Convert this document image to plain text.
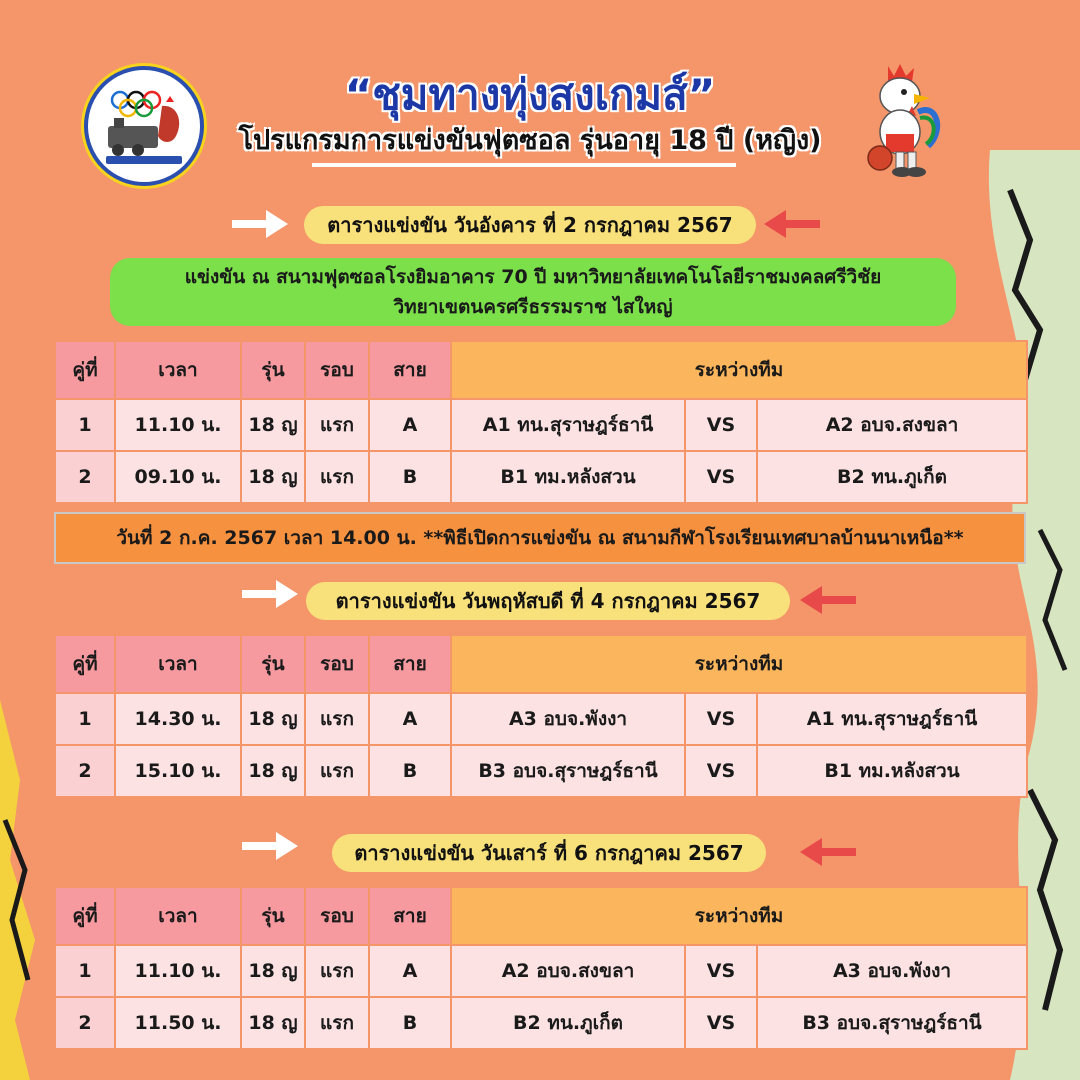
“ชุมทางทุ่งสงเกมส์”
โปรแกรมการแข่งขันฟุตซอล รุ่นอายุ 18 ปี (หญิง)
ตารางแข่งขัน วันอังคาร ที่ 2 กรกฎาคม 2567
แข่งขัน ณ สนามฟุตซอลโรงยิมอาคาร 70 ปี มหาวิทยาลัยเทคโนโลยีราชมงคลศรีวิชัย
วิทยาเขตนครศรีธรรมราช ไสใหญ่
คู่ที่	เวลา	รุ่น	รอบ	สาย	ระหว่างทีม		
1	11.10 น.	18 ญ	แรก	A	A1 ทน.สุราษฎร์ธานี	VS	A2 อบจ.สงขลา
2	09.10 น.	18 ญ	แรก	B	B1 ทม.หลังสวน	VS	B2 ทน.ภูเก็ต
วันที่ 2 ก.ค. 2567 เวลา 14.00 น. **พิธีเปิดการแข่งขัน ณ สนามกีฬาโรงเรียนเทศบาลบ้านนาเหนือ**
ตารางแข่งขัน วันพฤหัสบดี ที่ 4 กรกฎาคม 2567
คู่ที่	เวลา	รุ่น	รอบ	สาย	ระหว่างทีม		
1	14.30 น.	18 ญ	แรก	A	A3 อบจ.พังงา	VS	A1 ทน.สุราษฎร์ธานี
2	15.10 น.	18 ญ	แรก	B	B3 อบจ.สุราษฎร์ธานี	VS	B1 ทม.หลังสวน
ตารางแข่งขัน วันเสาร์ ที่ 6 กรกฎาคม 2567
คู่ที่	เวลา	รุ่น	รอบ	สาย	ระหว่างทีม		
1	11.10 น.	18 ญ	แรก	A	A2 อบจ.สงขลา	VS	A3 อบจ.พังงา
2	11.50 น.	18 ญ	แรก	B	B2 ทน.ภูเก็ต	VS	B3 อบจ.สุราษฎร์ธานี
